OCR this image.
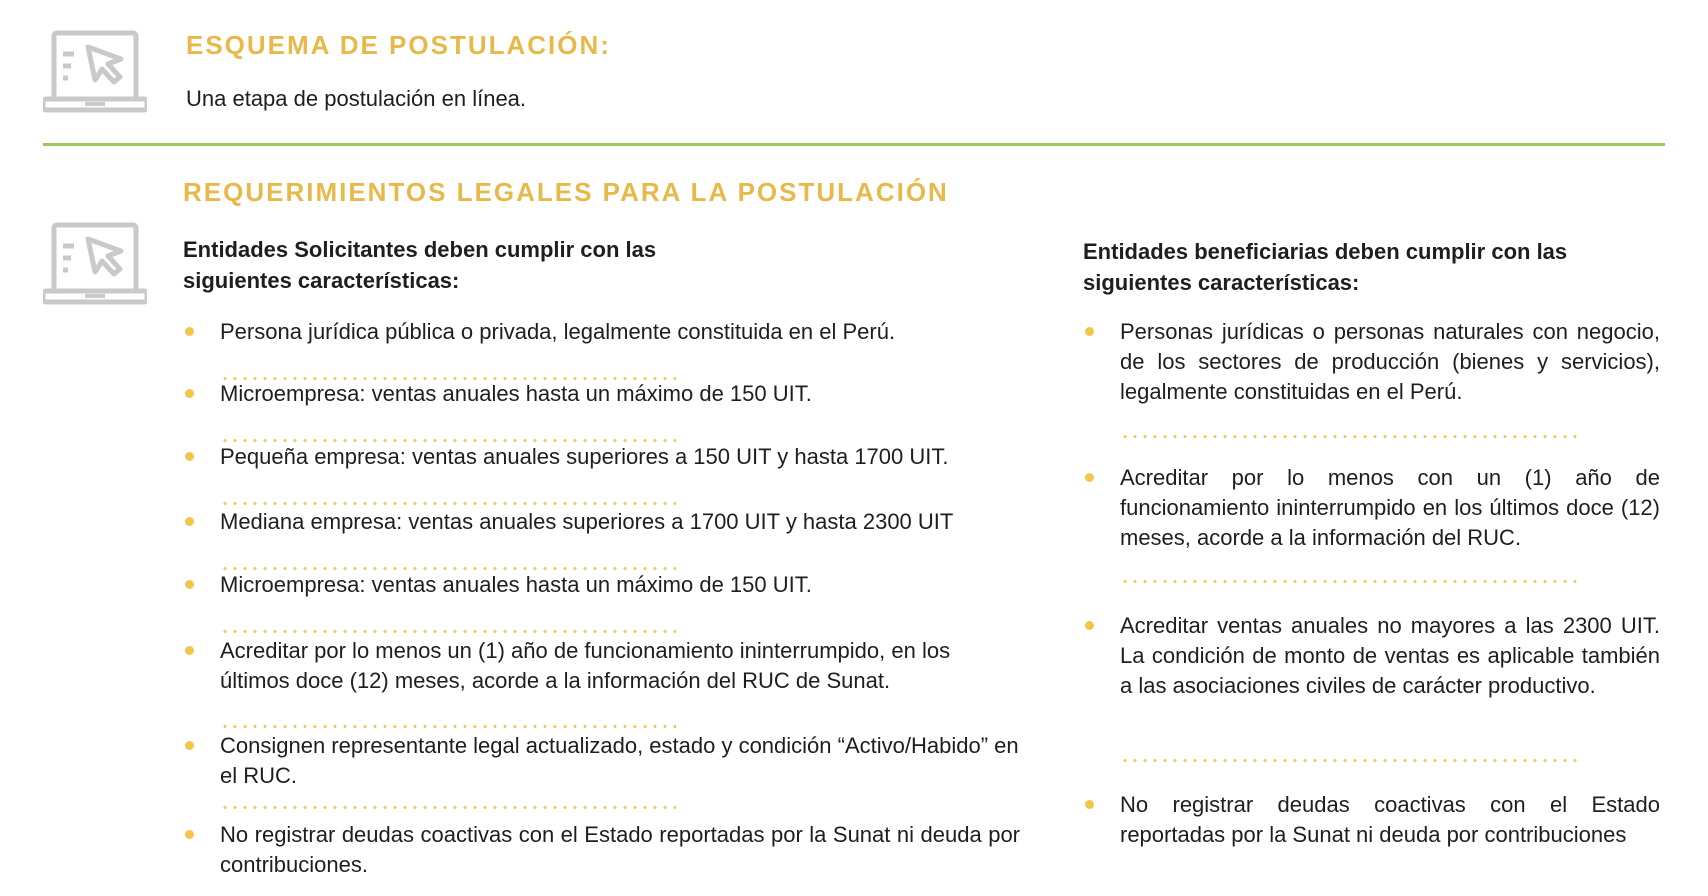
ESQUEMA DE POSTULACIÓN:

Una etapa de postulación en línea.

REQUERIMIENTOS LEGALES PARA LA POSTULACIÓN
Entidades Solicitantes deben cumplir con las
siguientes características:
Persona jurídica pública o privada, legalmente constituida en el Perú.
Microempresa: ventas anuales hasta un máximo de 150 UIT.
Pequeña empresa: ventas anuales superiores a 150 UIT y hasta 1700 UIT.
Mediana empresa: ventas anuales superiores a 1700 UIT y hasta 2300 UIT
Microempresa: ventas anuales hasta un máximo de 150 UIT.
Acreditar por lo menos un (1) año de funcionamiento ininterrumpido, en los últimos doce (12) meses, acorde a la información del RUC de Sunat.
Consignen representante legal actualizado, estado y condición “Activo/Habido” en el RUC.
No registrar deudas coactivas con el Estado reportadas por la Sunat ni deuda por contribuciones.
Entidades beneficiarias deben cumplir con las
siguientes características:
Personas jurídicas o personas naturales con negocio, de los sectores de producción (bienes y servicios), legalmente constituidas en el Perú.
Acreditar por lo menos con un (1) año de funcionamiento ininterrumpido en los últimos doce (12) meses, acorde a la información del RUC.
Acreditar ventas anuales no mayores a las 2300 UIT. La condición de monto de ventas es aplicable también a las asociaciones civiles de carácter productivo.
No registrar deudas coactivas con el Estado reportadas por la Sunat ni deuda por contribuciones
